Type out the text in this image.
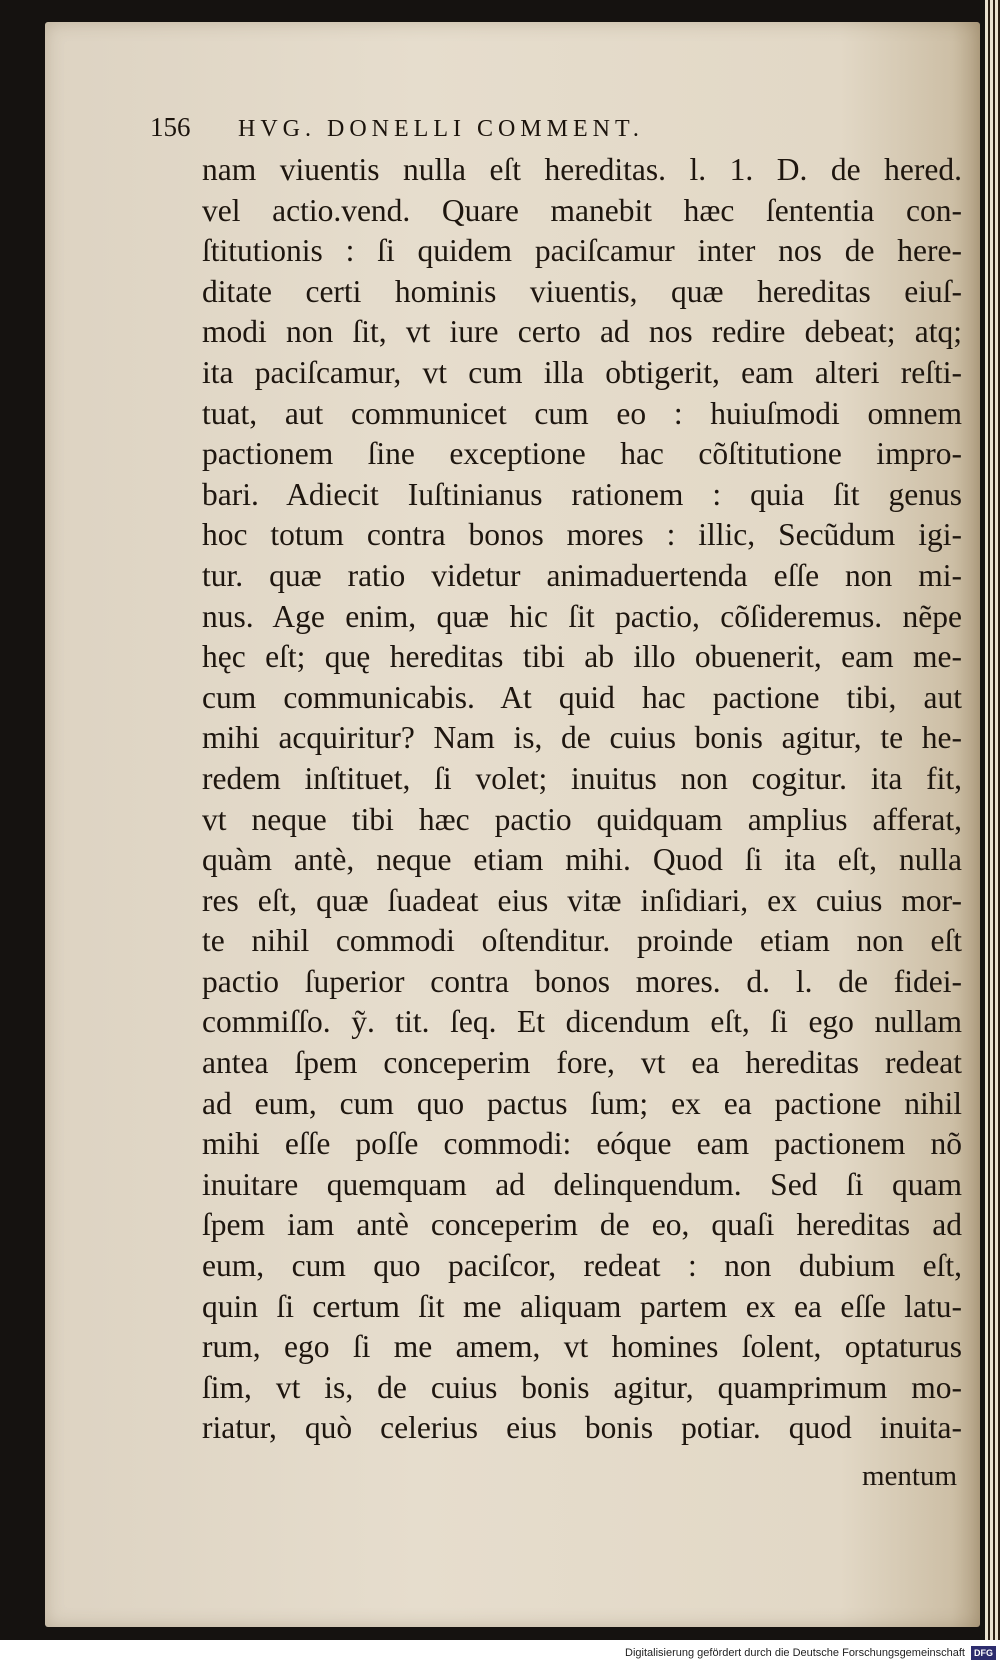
156	HVG. DONELLI COMMENT.
nam viuentis nulla eſt hereditas. l. 1. D. de hered.
vel actio.vend. Quare manebit hæc ſententia con-
ſtitutionis : ſi quidem paciſcamur inter nos de here-
ditate certi hominis viuentis, quæ hereditas eiuſ-
modi non ſit, vt iure certo ad nos redire debeat; atq;
ita paciſcamur, vt cum illa obtigerit, eam alteri reſti-
tuat, aut communicet cum eo : huiuſmodi omnem
pactionem ſine exceptione hac cõſtitutione impro-
bari. Adiecit Iuſtinianus rationem : quia ſit genus
hoc totum contra bonos mores : illic, Secũdum igi-
tur. quæ ratio videtur animaduertenda eſſe non mi-
nus. Age enim, quæ hic ſit pactio, cõſideremus. nẽpe
hęc eſt; quę hereditas tibi ab illo obuenerit, eam me-
cum communicabis. At quid hac pactione tibi, aut
mihi acquiritur? Nam is, de cuius bonis agitur, te he-
redem inſtituet, ſi volet; inuitus non cogitur. ita fit,
vt neque tibi hæc pactio quidquam amplius afferat,
quàm antè, neque etiam mihi. Quod ſi ita eſt, nulla
res eſt, quæ ſuadeat eius vitæ inſidiari, ex cuius mor-
te nihil commodi oſtenditur. proinde etiam non eſt
pactio ſuperior contra bonos mores. d. l. de fidei-
commiſſo. ỹ. tit. ſeq. Et dicendum eſt, ſi ego nullam
antea ſpem conceperim fore, vt ea hereditas redeat
ad eum, cum quo pactus ſum; ex ea pactione nihil
mihi eſſe poſſe commodi: eóque eam pactionem nõ
inuitare quemquam ad delinquendum. Sed ſi quam
ſpem iam antè conceperim de eo, quaſi hereditas ad
eum, cum quo paciſcor, redeat : non dubium eſt,
quin ſi certum ſit me aliquam partem ex ea eſſe latu-
rum, ego ſi me amem, vt homines ſolent, optaturus
ſim, vt is, de cuius bonis agitur, quamprimum mo-
riatur, quò celerius eius bonis potiar. quod inuita-
mentum
Digitalisierung gefördert durch die Deutsche Forschungsgemeinschaft DFG
